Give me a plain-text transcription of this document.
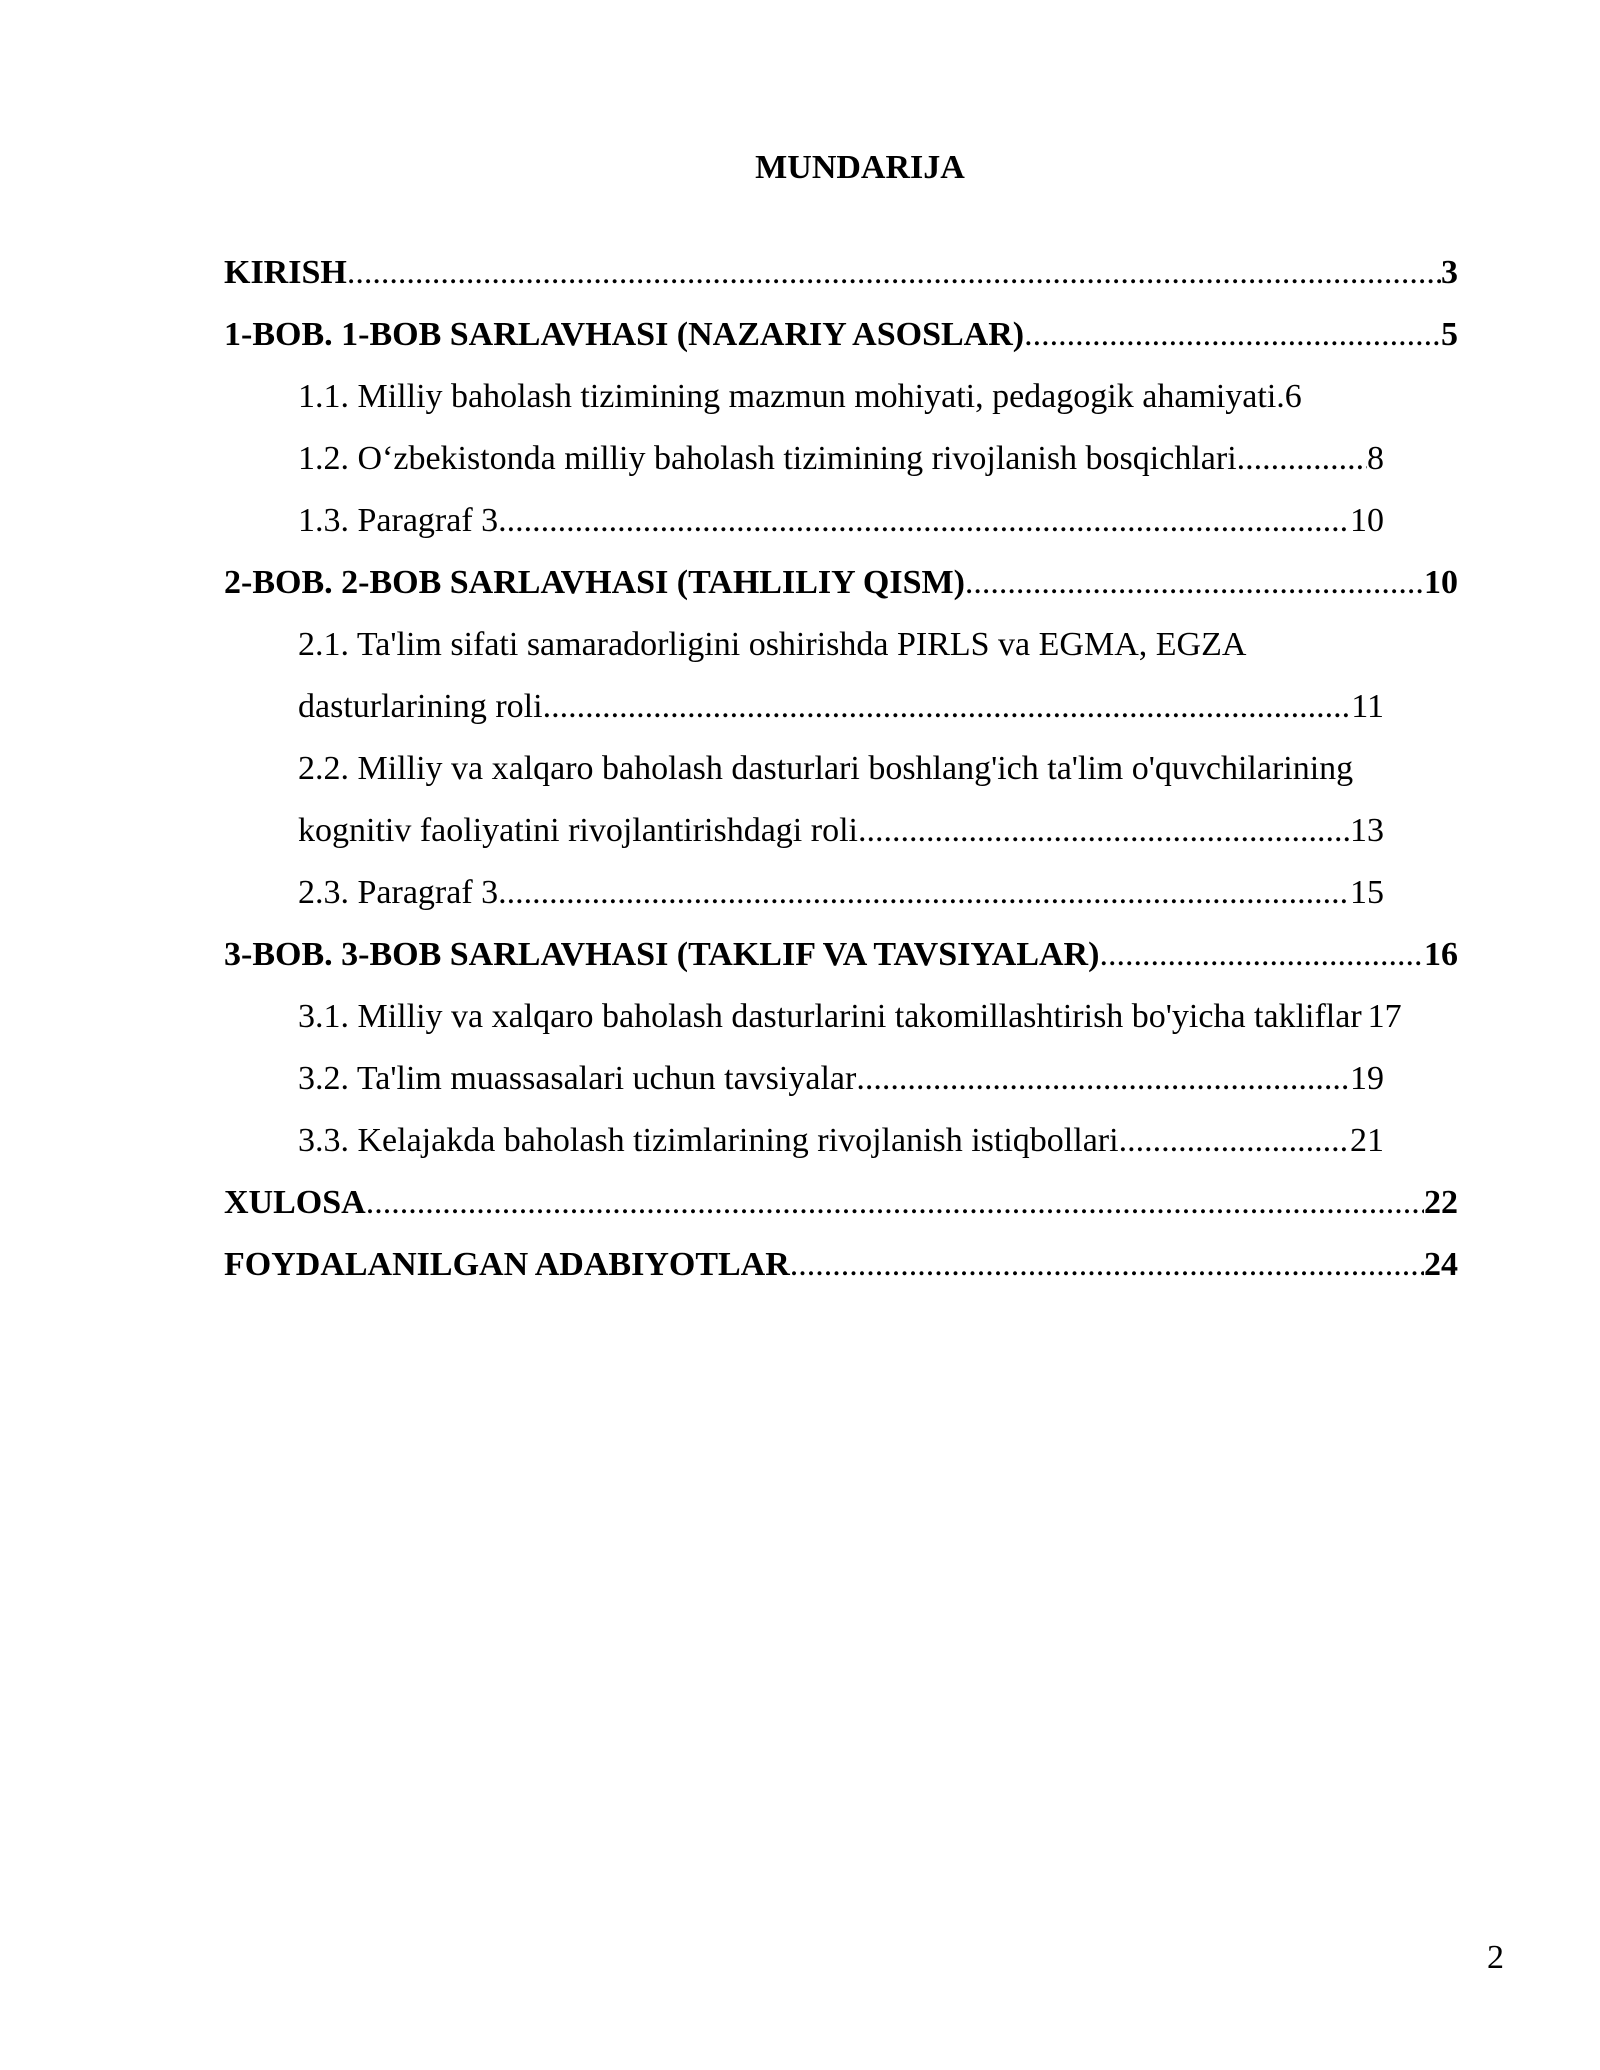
MUNDARIJA
KIRISH .....	3
1-BOB. 1-BOB SARLAVHASI (NAZARIY ASOSLAR) .....	5
1.1. Milliy baholash tizimining mazmun mohiyati, pedagogik ahamiyati. 6
1.2. O‘zbekistonda milliy baholash tizimining rivojlanish bosqichlari .....	8
1.3. Paragraf 3 .....	10
2-BOB. 2-BOB SARLAVHASI (TAHLILIY QISM) .....	10
2.1. Ta'lim sifati samaradorligini oshirishda PIRLS va EGMA, EGZA
dasturlarining roli .....	11
2.2. Milliy va xalqaro baholash dasturlari boshlang'ich ta'lim o'quvchilarining
kognitiv faoliyatini rivojlantirishdagi roli .....	13
2.3. Paragraf 3 .....	15
3-BOB. 3-BOB SARLAVHASI (TAKLIF VA TAVSIYALAR) .....	16
3.1. Milliy va xalqaro baholash dasturlarini takomillashtirish bo'yicha takliflar 17
3.2. Ta'lim muassasalari uchun tavsiyalar .....	19
3.3. Kelajakda baholash tizimlarining rivojlanish istiqbollari .....	21
XULOSA .....	22
FOYDALANILGAN ADABIYOTLAR .....	24
2
